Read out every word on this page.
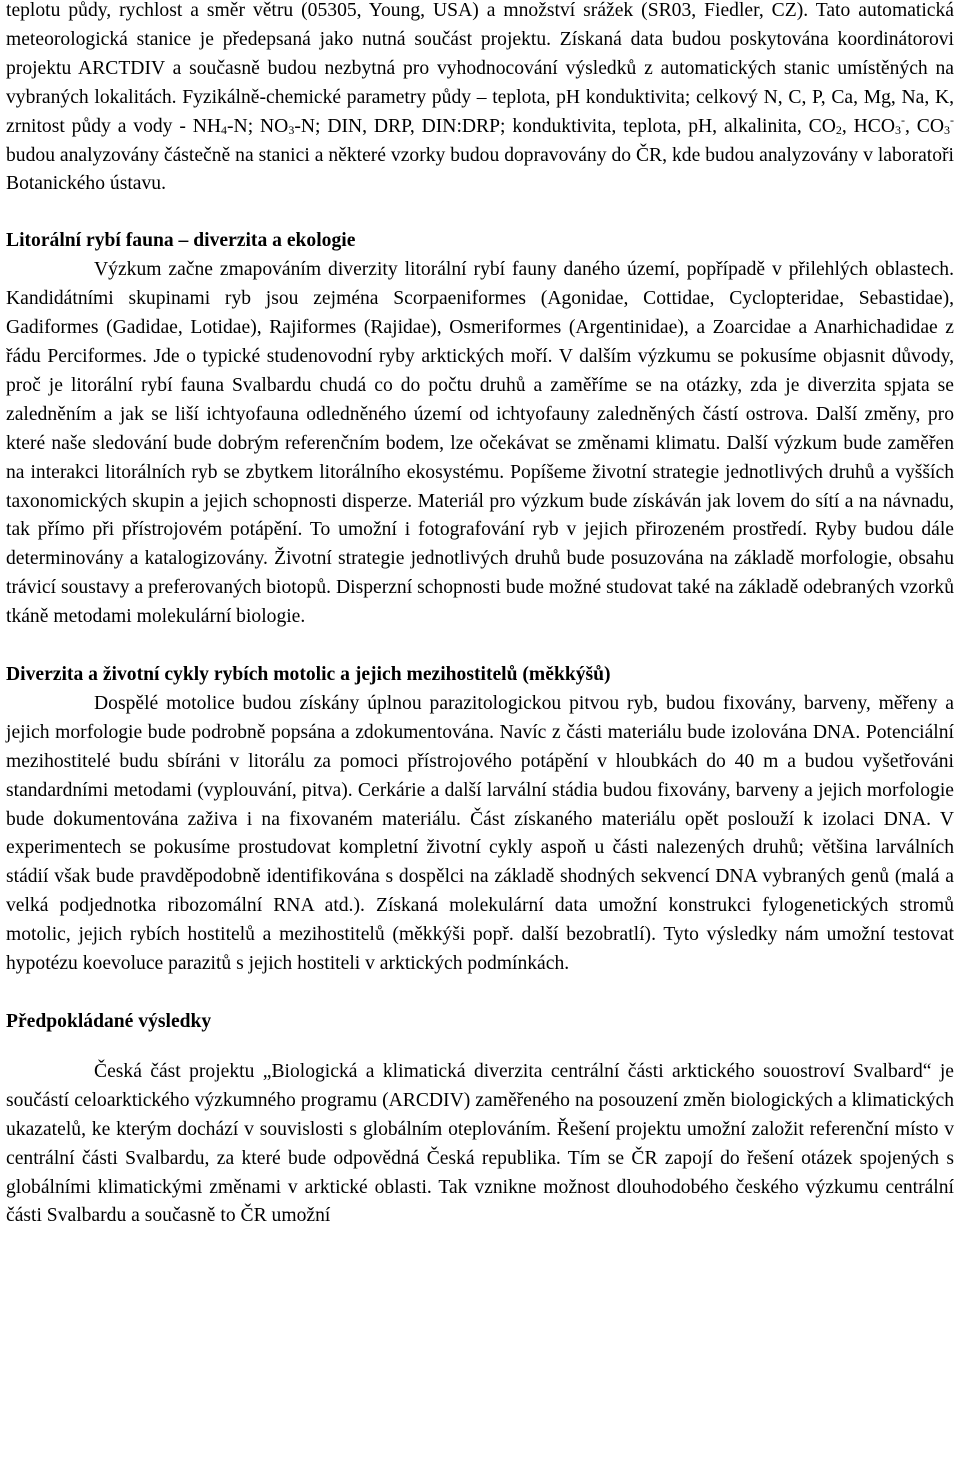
teplotu půdy, rychlost a směr větru (05305, Young, USA) a množství srážek (SR03, Fiedler, CZ). Tato automatická meteorologická stanice je předepsaná jako nutná součást projektu. Získaná data budou poskytována koordinátorovi projektu ARCTDIV a současně budou nezbytná pro vyhodnocování výsledků z automatických stanic umístěných na vybraných lokalitách. Fyzikálně-chemické parametry půdy – teplota, pH konduktivita; celkový N, C, P, Ca, Mg, Na, K, zrnitost půdy a vody - $NH_4-N$; $NO_3-N$; DIN, DRP, DIN:DRP; konduktivita, teplota, pH, alkalinita, $CO_2$, $HCO_3^-$, $CO_3^-$ budou analyzovány částečně na stanici a některé vzorky budou dopravovány do ČR, kde budou analyzovány v laboratoři Botanického ústavu.

Litorální rybí fauna – diverzita a ekologie

Výzkum začne zmapováním diverzity litorální rybí fauny daného území, popřípadě v přilehlých oblastech. Kandidátními skupinami ryb jsou zejména Scorpaeniformes (Agonidae, Cottidae, Cyclopteridae, Sebastidae), Gadiformes (Gadidae, Lotidae), Rajiformes (Rajidae), Osmeriformes (Argentinidae), a Zoarcidae a Anarhichadidae z řádu Perciformes. Jde o typické studenovodní ryby arktických moří. V dalším výzkumu se pokusíme objasnit důvody, proč je litorální rybí fauna Svalbardu chudá co do počtu druhů a zaměříme se na otázky, zda je diverzita spjata se zaledněním a jak se liší ichtyofauna odledněného území od ichtyofauny zaledněných částí ostrova. Další změny, pro které naše sledování bude dobrým referenčním bodem, lze očekávat se změnami klimatu. Další výzkum bude zaměřen na interakci litorálních ryb se zbytkem litorálního ekosystému. Popíšeme životní strategie jednotlivých druhů a vyšších taxonomických skupin a jejich schopnosti disperze. Materiál pro výzkum bude získáván jak lovem do sítí a na návnadu, tak přímo při přístrojovém potápění. To umožní i fotografování ryb v jejich přirozeném prostředí. Ryby budou dále determinovány a katalogizovány. Životní strategie jednotlivých druhů bude posuzována na základě morfologie, obsahu trávicí soustavy a preferovaných biotopů. Disperzní schopnosti bude možné studovat také na základě odebraných vzorků tkáně metodami molekulární biologie.

Diverzita a životní cykly rybích motolic a jejich mezihostitelů (měkkýšů)

Dospělé motolice budou získány úplnou parazitologickou pitvou ryb, budou fixovány, barveny, měřeny a jejich morfologie bude podrobně popsána a zdokumentována. Navíc z části materiálu bude izolována DNA. Potenciální mezihostitelé budu sbíráni v litorálu za pomoci přístrojového potápění v hloubkách do 40 m a budou vyšetřováni standardními metodami (vyplouvání, pitva). Cerkárie a další larvální stádia budou fixovány, barveny a jejich morfologie bude dokumentována zaživa i na fixovaném materiálu. Část získaného materiálu opět poslouží k izolaci DNA. V experimentech se pokusíme prostudovat kompletní životní cykly aspoň u části nalezených druhů; většina larválních stádií však bude pravděpodobně identifikována s dospělci na základě shodných sekvencí DNA vybraných genů (malá a velká podjednotka ribozomální RNA atd.). Získaná molekulární data umožní konstrukci fylogenetických stromů motolic, jejich rybích hostitelů a mezihostitelů (měkkýši popř. další bezobratlí). Tyto výsledky nám umožní testovat hypotézu koevoluce parazitů s jejich hostiteli v arktických podmínkách.

Předpokládané výsledky

Česká část projektu „Biologická a klimatická diverzita centrální části arktického souostroví Svalbard“ je součástí celoarktického výzkumného programu (ARCDIV) zaměřeného na posouzení změn biologických a klimatických ukazatelů, ke kterým dochází v souvislosti s globálním oteplováním. Řešení projektu umožní založit referenční místo v centrální části Svalbardu, za které bude odpovědná Česká republika. Tím se ČR zapojí do řešení otázek spojených s globálními klimatickými změnami v arktické oblasti. Tak vznikne možnost dlouhodobého českého výzkumu centrální části Svalbardu a současně to ČR umožní
